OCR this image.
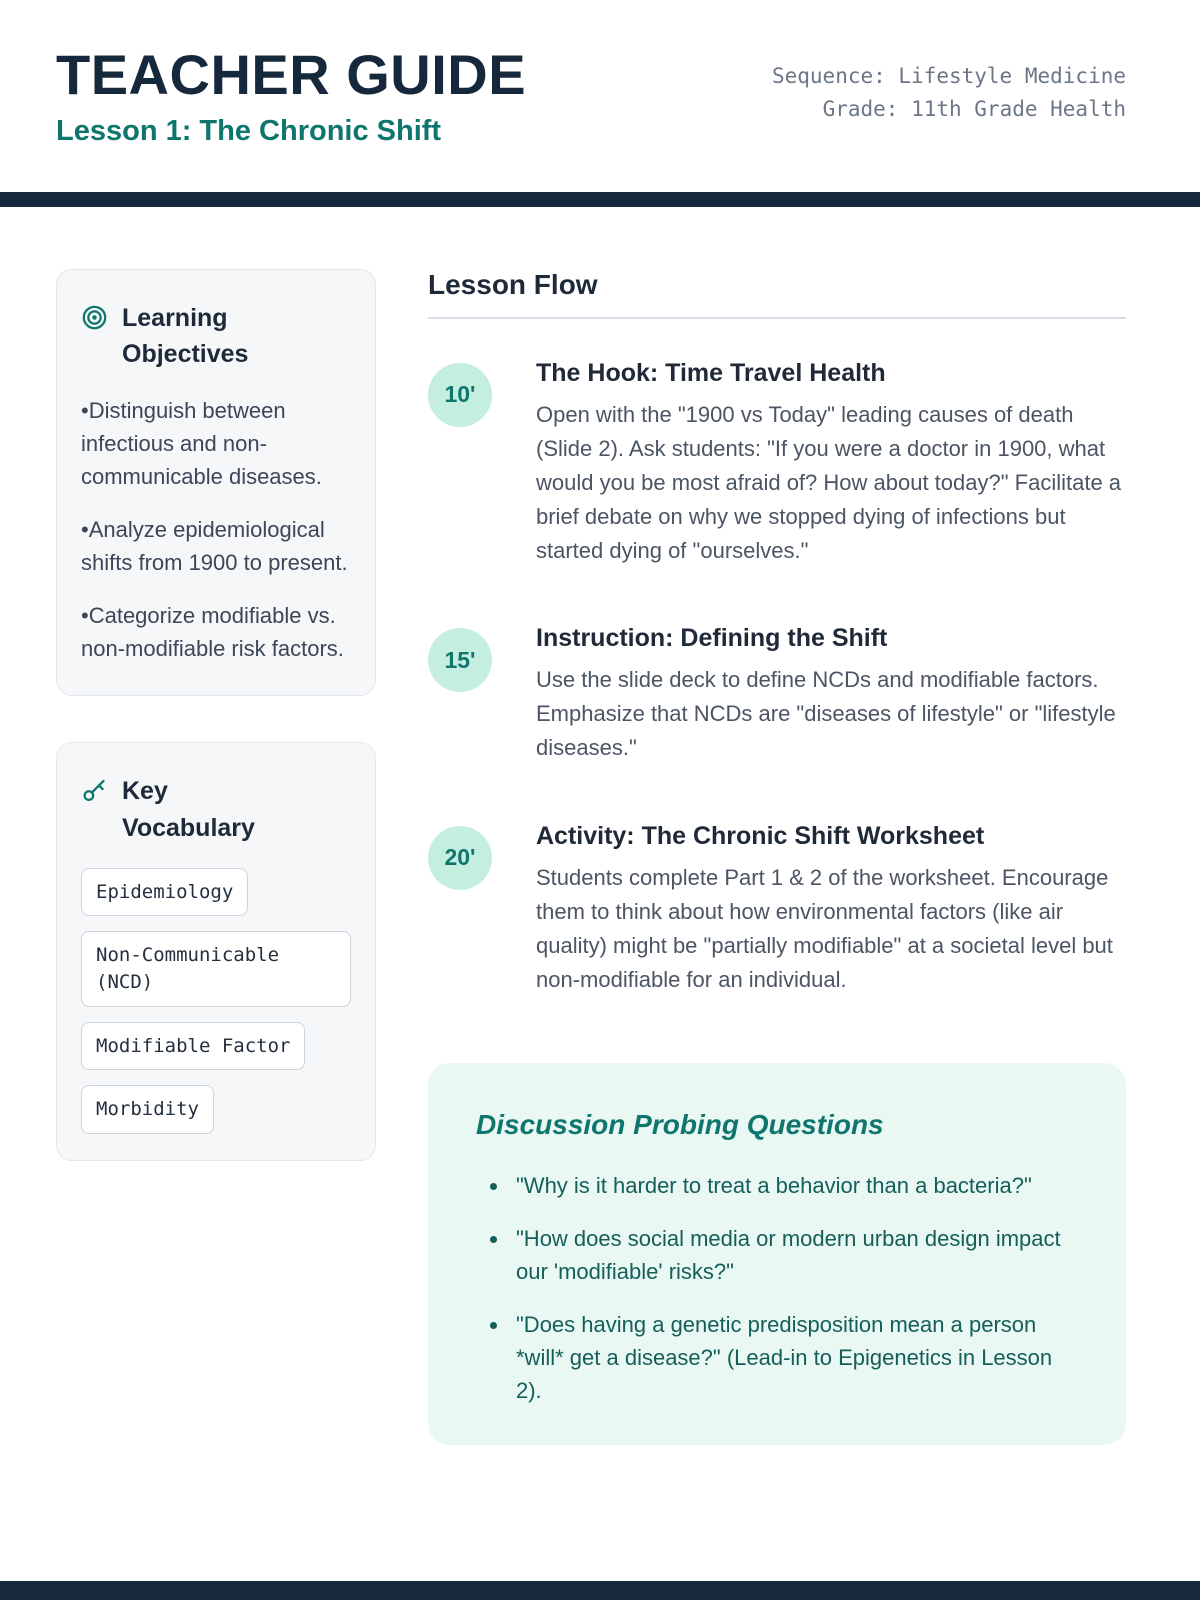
TEACHER GUIDE
Lesson 1: The Chronic Shift
Sequence: Lifestyle Medicine
Grade: 11th Grade Health
Learning Objectives
• Distinguish between infectious and non-communicable diseases.
• Analyze epidemiological shifts from 1900 to present.
• Categorize modifiable vs. non-modifiable risk factors.
Key Vocabulary
Epidemiology
Non-Communicable (NCD)
Modifiable Factor
Morbidity
Lesson Flow
10'
The Hook: Time Travel Health
Open with the "1900 vs Today" leading causes of death (Slide 2). Ask students: "If you were a doctor in 1900, what would you be most afraid of? How about today?" Facilitate a brief debate on why we stopped dying of infections but started dying of "ourselves."
15'
Instruction: Defining the Shift
Use the slide deck to define NCDs and modifiable factors. Emphasize that NCDs are "diseases of lifestyle" or "lifestyle diseases."
20'
Activity: The Chronic Shift Worksheet
Students complete Part 1 & 2 of the worksheet. Encourage them to think about how environmental factors (like air quality) might be "partially modifiable" at a societal level but non-modifiable for an individual.
Discussion Probing Questions
• "Why is it harder to treat a behavior than a bacteria?"
• "How does social media or modern urban design impact our 'modifiable' risks?"
• "Does having a genetic predisposition mean a person *will* get a disease?" (Lead-in to Epigenetics in Lesson 2).
